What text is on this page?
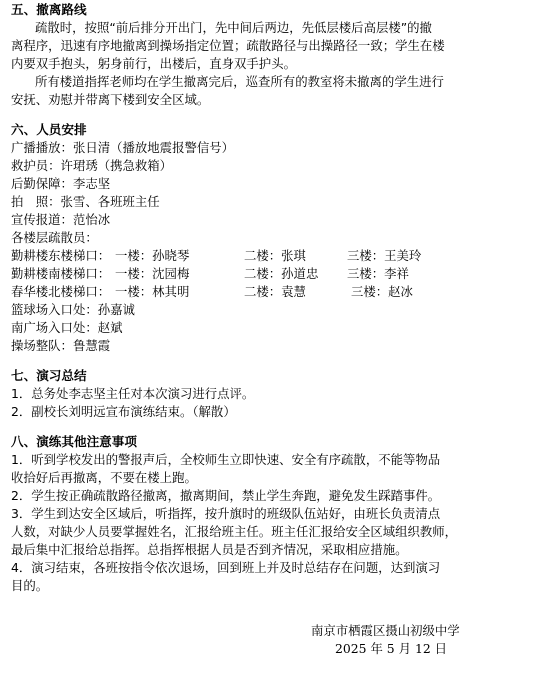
五、撤离路线
疏散时，按照“前后排分开出门，先中间后两边，先低层楼后高层楼”的撤
离程序，迅速有序地撤离到操场指定位置；疏散路径与出操路径一致；学生在楼
内要双手抱头，躬身前行，出楼后，直身双手护头。
所有楼道指挥老师均在学生撤离完后，巡查所有的教室将未撤离的学生进行
安抚、劝慰并带离下楼到安全区域。
六、人员安排
广播播放：张日清（播放地震报警信号）
救护员：许珺琇（携急救箱）
后勤保障：李志坚
拍　照：张雪、各班班主任
宣传报道：范怡冰
各楼层疏散员：
勤耕楼东楼梯口： 一楼：孙晓琴	二楼：张琪	三楼：王美玲
勤耕楼南楼梯口： 一楼：沈园梅	二楼：孙道忠 三楼：李祥
春华楼北楼梯口： 一楼：林其明	二楼：袁慧	三楼：赵冰
篮球场入口处：孙嘉诚
南广场入口处：赵斌
操场整队：鲁慧霞
七、演习总结
1．总务处李志坚主任对本次演习进行点评。
2．副校长刘明远宣布演练结束。（解散）
八、演练其他注意事项
1．听到学校发出的警报声后，全校师生立即快速、安全有序疏散，不能等物品
收拾好后再撤离，不要在楼上跑。
2．学生按正确疏散路径撤离，撤离期间，禁止学生奔跑，避免发生踩踏事件。
3．学生到达安全区域后，听指挥，按升旗时的班级队伍站好，由班长负责清点
人数，对缺少人员要掌握姓名，汇报给班主任。班主任汇报给安全区域组织教师，
最后集中汇报给总指挥。总指挥根据人员是否到齐情况，采取相应措施。
4．演习结束，各班按指令依次退场，回到班上并及时总结存在问题，达到演习
目的。
南京市栖霞区摄山初级中学
2025 年 5 月 12 日
